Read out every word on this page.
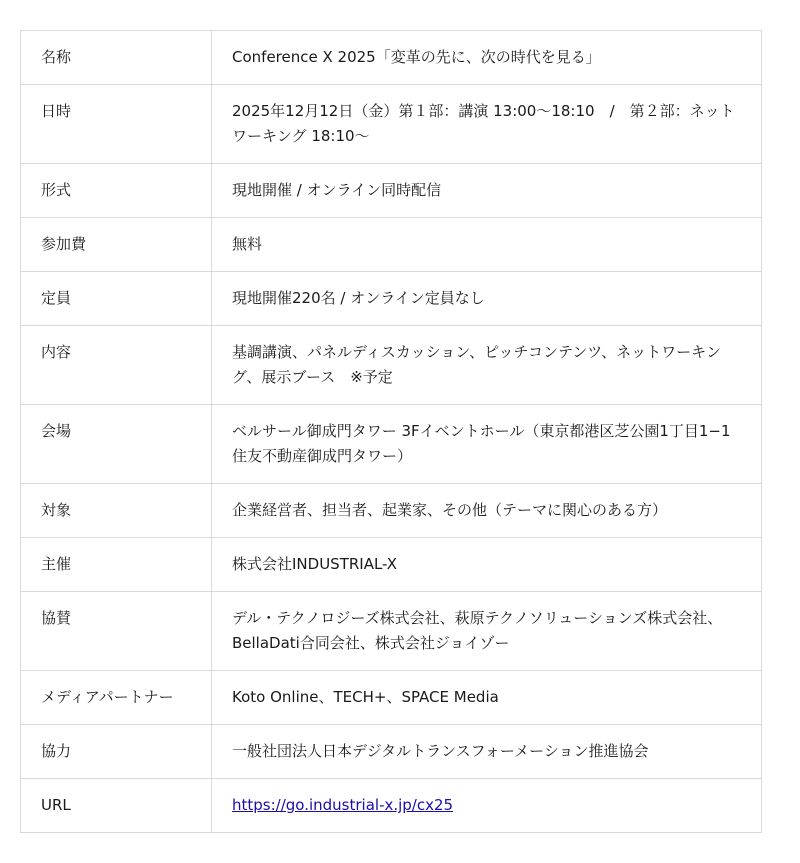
名称	Conference X 2025「変革の先に、次の時代を見る」
日時	2025年12月12日（金）第１部：講演 13:00〜18:10　/　第２部：ネットワーキング 18:10〜
形式	現地開催 / オンライン同時配信
参加費	無料
定員	現地開催220名 / オンライン定員なし
内容	基調講演、パネルディスカッション、ピッチコンテンツ、ネットワーキング、展示ブース　※予定
会場	ベルサール御成門タワー 3Fイベントホール（東京都港区芝公園1丁目1−1 住友不動産御成門タワー）
対象	企業経営者、担当者、起業家、その他（テーマに関心のある方）
主催	株式会社INDUSTRIAL-X
協賛	デル・テクノロジーズ株式会社、萩原テクノソリューションズ株式会社、BellaDati合同会社、株式会社ジョイゾー
メディアパートナー	Koto Online、TECH+、SPACE Media
協力	一般社団法人日本デジタルトランスフォーメーション推進協会
URL	https://go.industrial-x.jp/cx25
